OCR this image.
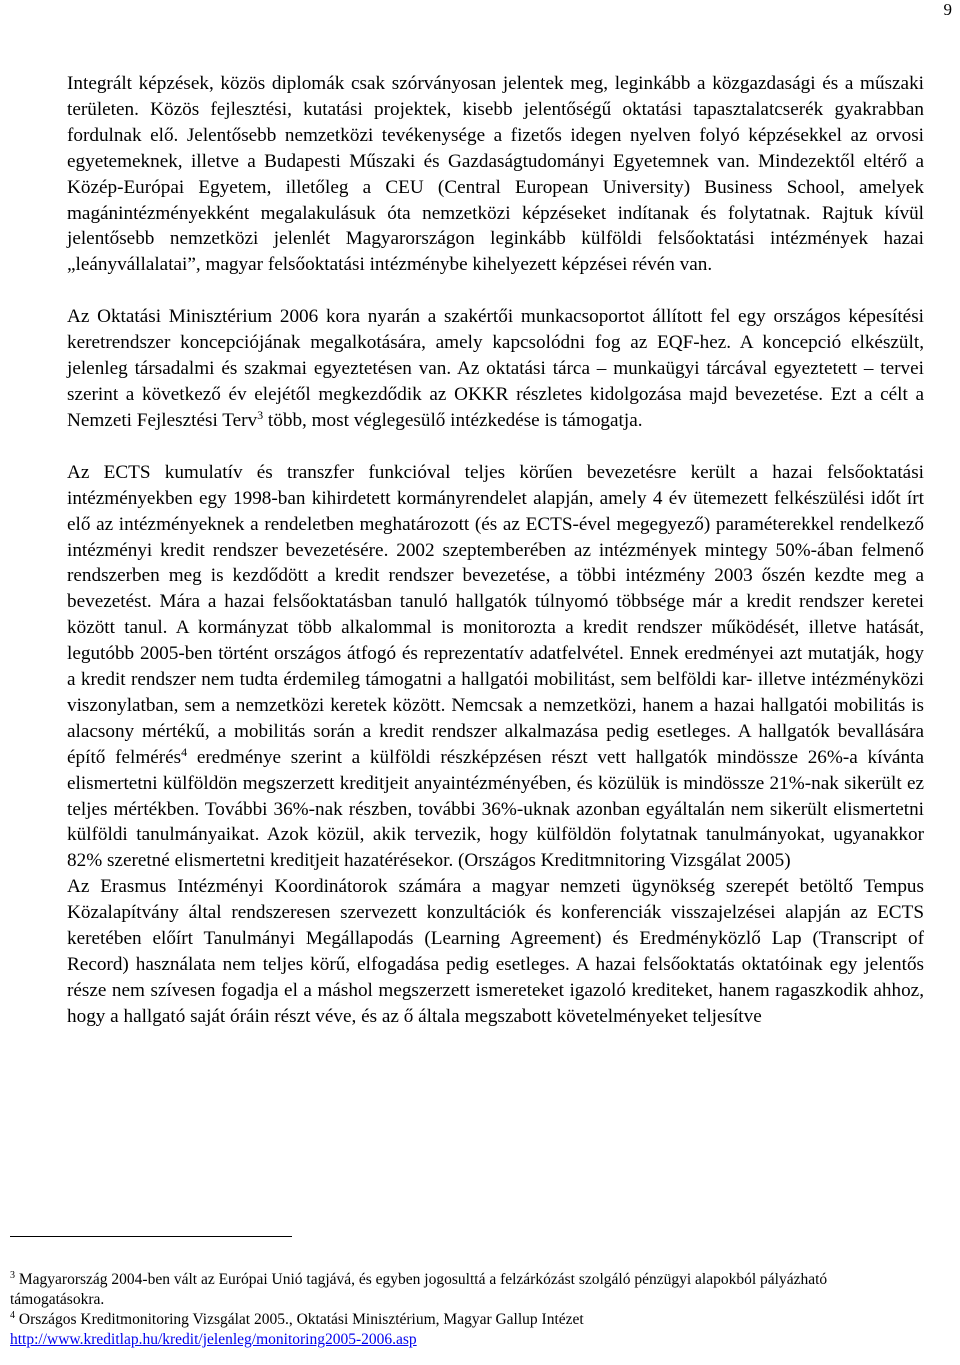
9

Integrált képzések, közös diplomák csak szórványosan jelentek meg, leginkább a közgazdasági és a műszaki területen. Közös fejlesztési, kutatási projektek, kisebb jelentőségű oktatási tapasztalatcserék gyakrabban fordulnak elő. Jelentősebb nemzetközi tevékenysége a fizetős idegen nyelven folyó képzésekkel az orvosi egyetemeknek, illetve a Budapesti Műszaki és Gazdaságtudományi Egyetemnek van. Mindezektől eltérő a Közép-Európai Egyetem, illetőleg a CEU (Central European University) Business School, amelyek magánintézményekként megalakulásuk óta nemzetközi képzéseket indítanak és folytatnak. Rajtuk kívül jelentősebb nemzetközi jelenlét Magyarországon leginkább külföldi felsőoktatási intézmények hazai „leányvállalatai”, magyar felsőoktatási intézménybe kihelyezett képzései révén van.

Az Oktatási Minisztérium 2006 kora nyarán a szakértői munkacsoportot állított fel egy országos képesítési keretrendszer koncepciójának megalkotására, amely kapcsolódni fog az EQF-hez. A koncepció elkészült, jelenleg társadalmi és szakmai egyeztetésen van. Az oktatási tárca – munkaügyi tárcával egyeztetett – tervei szerint a következő év elejétől megkezdődik az OKKR részletes kidolgozása majd bevezetése. Ezt a célt a Nemzeti Fejlesztési Terv$^3$ több, most véglegesülő intézkedése is támogatja.

Az ECTS kumulatív és transzfer funkcióval teljes körűen bevezetésre került a hazai felsőoktatási intézményekben egy 1998-ban kihirdetett kormányrendelet alapján, amely 4 év ütemezett felkészülési időt írt elő az intézményeknek a rendeletben meghatározott (és az ECTS-ével megegyező) paraméterekkel rendelkező intézményi kredit rendszer bevezetésére. 2002 szeptemberében az intézmények mintegy 50%-ában felmenő rendszerben meg is kezdődött a kredit rendszer bevezetése, a többi intézmény 2003 őszén kezdte meg a bevezetést. Mára a hazai felsőoktatásban tanuló hallgatók túlnyomó többsége már a kredit rendszer keretei között tanul. A kormányzat több alkalommal is monitorozta a kredit rendszer működését, illetve hatását, legutóbb 2005-ben történt országos átfogó és reprezentatív adatfelvétel. Ennek eredményei azt mutatják, hogy a kredit rendszer nem tudta érdemileg támogatni a hallgatói mobilitást, sem belföldi kar- illetve intézményközi viszonylatban, sem a nemzetközi keretek között. Nemcsak a nemzetközi, hanem a hazai hallgatói mobilitás is alacsony mértékű, a mobilitás során a kredit rendszer alkalmazása pedig esetleges. A hallgatók bevallására építő felmérés$^4$ eredménye szerint a külföldi részképzésen részt vett hallgatók mindössze 26%-a kívánta elismertetni külföldön megszerzett kreditjeit anyaintézményében, és közülük is mindössze 21%-nak sikerült ez teljes mértékben. További 36%-nak részben, további 36%-uknak azonban egyáltalán nem sikerült elismertetni külföldi tanulmányaikat. Azok közül, akik tervezik, hogy külföldön folytatnak tanulmányokat, ugyanakkor 82% szeretné elismertetni kreditjeit hazatérésekor. (Országos Kreditmnitoring Vizsgálat 2005)

Az Erasmus Intézményi Koordinátorok számára a magyar nemzeti ügynökség szerepét betöltő Tempus Közalapítvány által rendszeresen szervezett konzultációk és konferenciák visszajelzései alapján az ECTS keretében előírt Tanulmányi Megállapodás (Learning Agreement) és Eredményközlő Lap (Transcript of Record) használata nem teljes körű, elfogadása pedig esetleges. A hazai felsőoktatás oktatóinak egy jelentős része nem szívesen fogadja el a máshol megszerzett ismereteket igazoló krediteket, hanem ragaszkodik ahhoz, hogy a hallgató saját óráin részt véve, és az ő általa megszabott követelményeket teljesítve

$^3$ Magyarország 2004-ben vált az Európai Unió tagjává, és egyben jogosulttá a felzárkózást szolgáló pénzügyi alapokból pályázható támogatásokra.

$^4$ Országos Kreditmonitoring Vizsgálat 2005., Oktatási Minisztérium, Magyar Gallup Intézet
http://www.kreditlap.hu/kredit/jelenleg/monitoring2005-2006.asp
